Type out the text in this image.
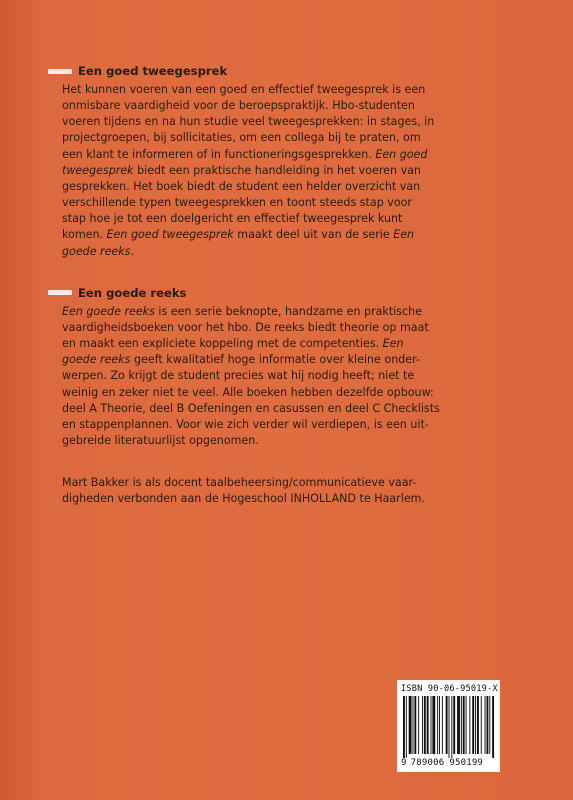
Een goed tweegesprek
Het kunnen voeren van een goed en effectief tweegesprek is een
onmisbare vaardigheid voor de beroepspraktijk. Hbo-studenten
voeren tijdens en na hun studie veel tweegesprekken: in stages, in
projectgroepen, bij sollicitaties, om een collega bij te praten, om
een klant te informeren of in functioneringsgesprekken. Een goed
tweegesprek biedt een praktische handleiding in het voeren van
gesprekken. Het boek biedt de student een helder overzicht van
verschillende typen tweegesprekken en toont steeds stap voor
stap hoe je tot een doelgericht en effectief tweegesprek kunt
komen. Een goed tweegesprek maakt deel uit van de serie Een
goede reeks.
Een goede reeks
Een goede reeks is een serie beknopte, handzame en praktische
vaardigheidsboeken voor het hbo. De reeks biedt theorie op maat
en maakt een expliciete koppeling met de competenties. Een
goede reeks geeft kwalitatief hoge informatie over kleine onder-
werpen. Zo krijgt de student precies wat hij nodig heeft; niet te
weinig en zeker niet te veel. Alle boeken hebben dezelfde opbouw:
deel A Theorie, deel B Oefeningen en casussen en deel C Checklists
en stappenplannen. Voor wie zich verder wil verdiepen, is een uit-
gebreide literatuurlijst opgenomen.
Mart Bakker is als docent taalbeheersing/communicatieve vaar-
digheden verbonden aan de Hogeschool INHOLLAND te Haarlem.
ISBN 90-06-95019-X
9 789006 950199
